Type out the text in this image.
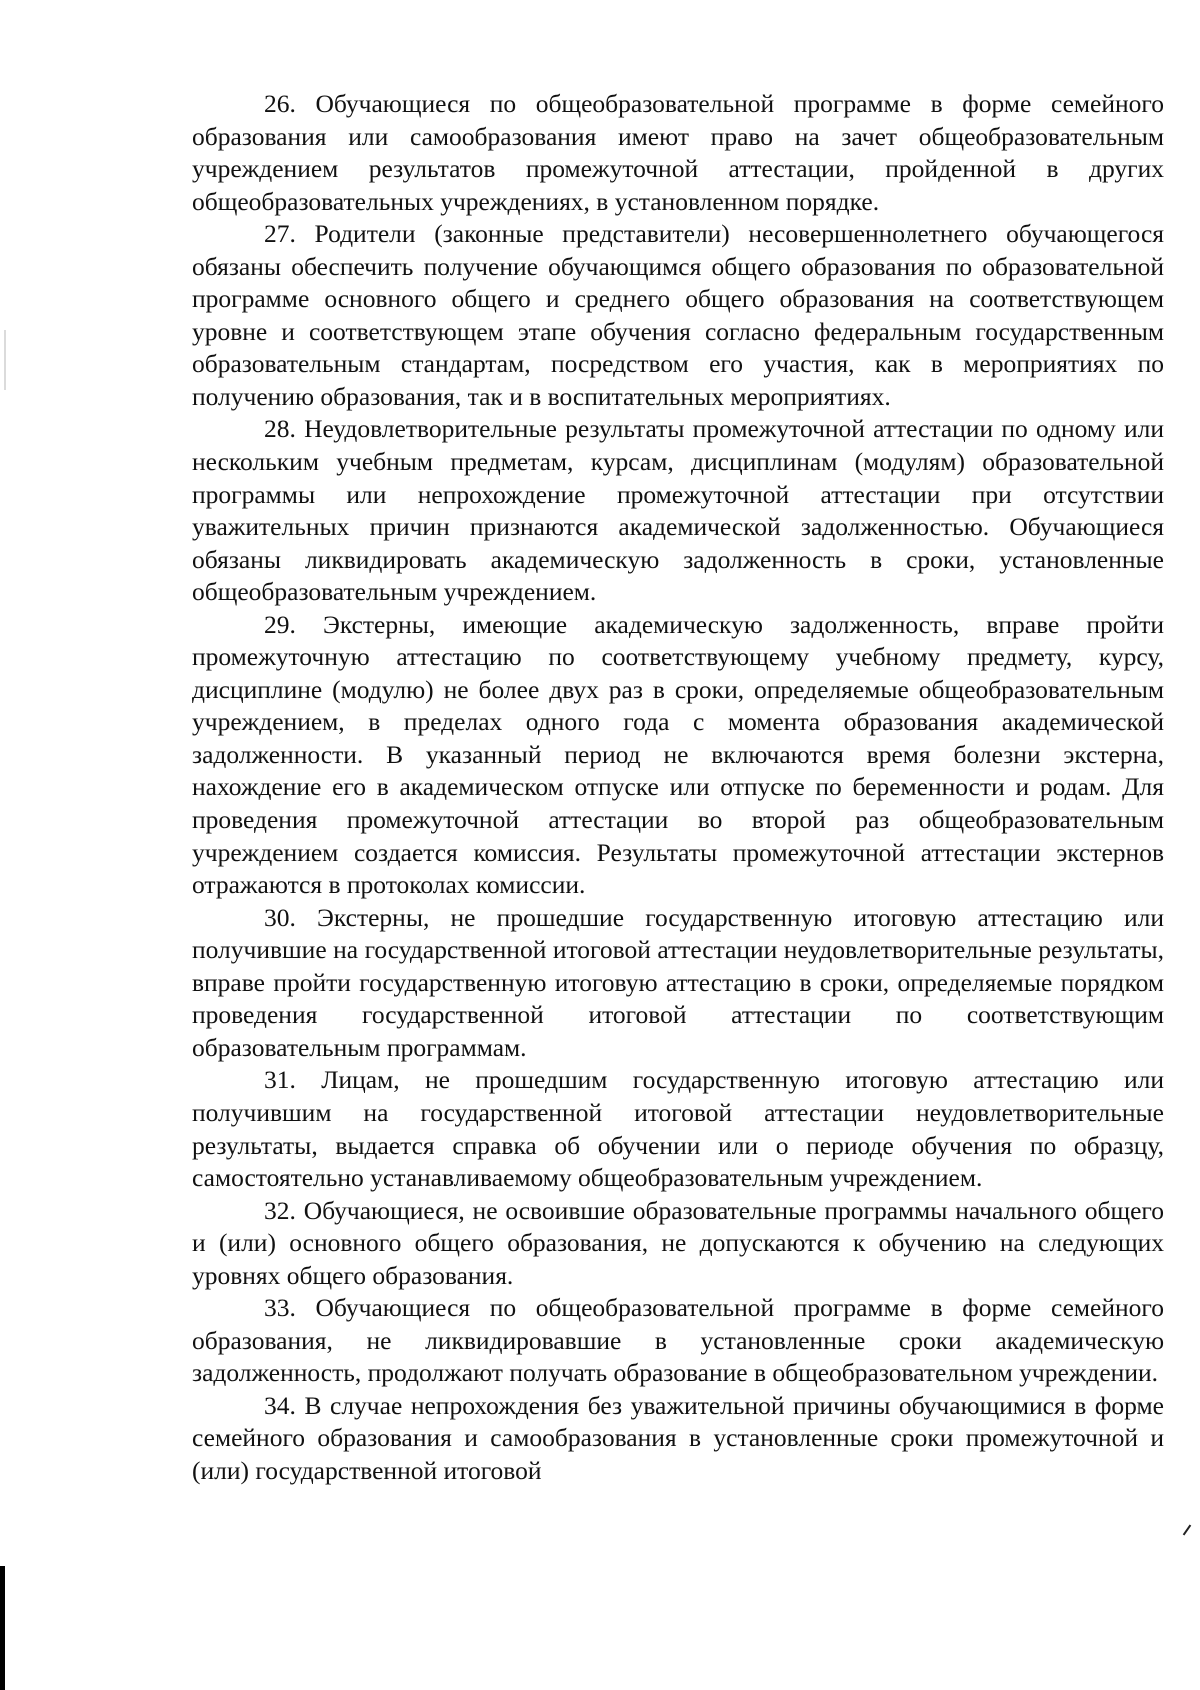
26. Обучающиеся по общеобразовательной программе в форме семейного образования или самообразования имеют право на зачет общеобразовательным учреждением результатов промежуточной аттестации, пройденной в других общеобразовательных учреждениях, в установленном порядке.

27. Родители (законные представители) несовершеннолетнего обучающегося обязаны обеспечить получение обучающимся общего образования по образовательной программе основного общего и среднего общего образования на соответствующем уровне и соответствующем этапе обучения согласно федеральным государственным образовательным стандартам, посредством его участия, как в мероприятиях по получению образования, так и в воспитательных мероприятиях.

28. Неудовлетворительные результаты промежуточной аттестации по одному или нескольким учебным предметам, курсам, дисциплинам (модулям) образовательной программы или непрохождение промежуточной аттестации при отсутствии уважительных причин признаются академической задолженностью. Обучающиеся обязаны ликвидировать академическую задолженность в сроки, установленные общеобразовательным учреждением.

29. Экстерны, имеющие академическую задолженность, вправе пройти промежуточную аттестацию по соответствующему учебному предмету, курсу, дисциплине (модулю) не более двух раз в сроки, определяемые общеобразовательным учреждением, в пределах одного года с момента образования академической задолженности. В указанный период не включаются время болезни экстерна, нахождение его в академическом отпуске или отпуске по беременности и родам. Для проведения промежуточной аттестации во второй раз общеобразовательным учреждением создается комиссия. Результаты промежуточной аттестации экстернов отражаются в протоколах комиссии.

30. Экстерны, не прошедшие государственную итоговую аттестацию или получившие на государственной итоговой аттестации неудовлетворительные результаты, вправе пройти государственную итоговую аттестацию в сроки, определяемые порядком проведения государственной итоговой аттестации по соответствующим образовательным программам.

31. Лицам, не прошедшим государственную итоговую аттестацию или получившим на государственной итоговой аттестации неудовлетворительные результаты, выдается справка об обучении или о периоде обучения по образцу, самостоятельно устанавливаемому общеобразовательным учреждением.

32. Обучающиеся, не освоившие образовательные программы начального общего и (или) основного общего образования, не допускаются к обучению на следующих уровнях общего образования.

33. Обучающиеся по общеобразовательной программе в форме семейного образования, не ликвидировавшие в установленные сроки академическую задолженность, продолжают получать образование в общеобразовательном учреждении.

34. В случае непрохождения без уважительной причины обучающимися в форме семейного образования и самообразования в установленные сроки промежуточной и (или) государственной итоговой
